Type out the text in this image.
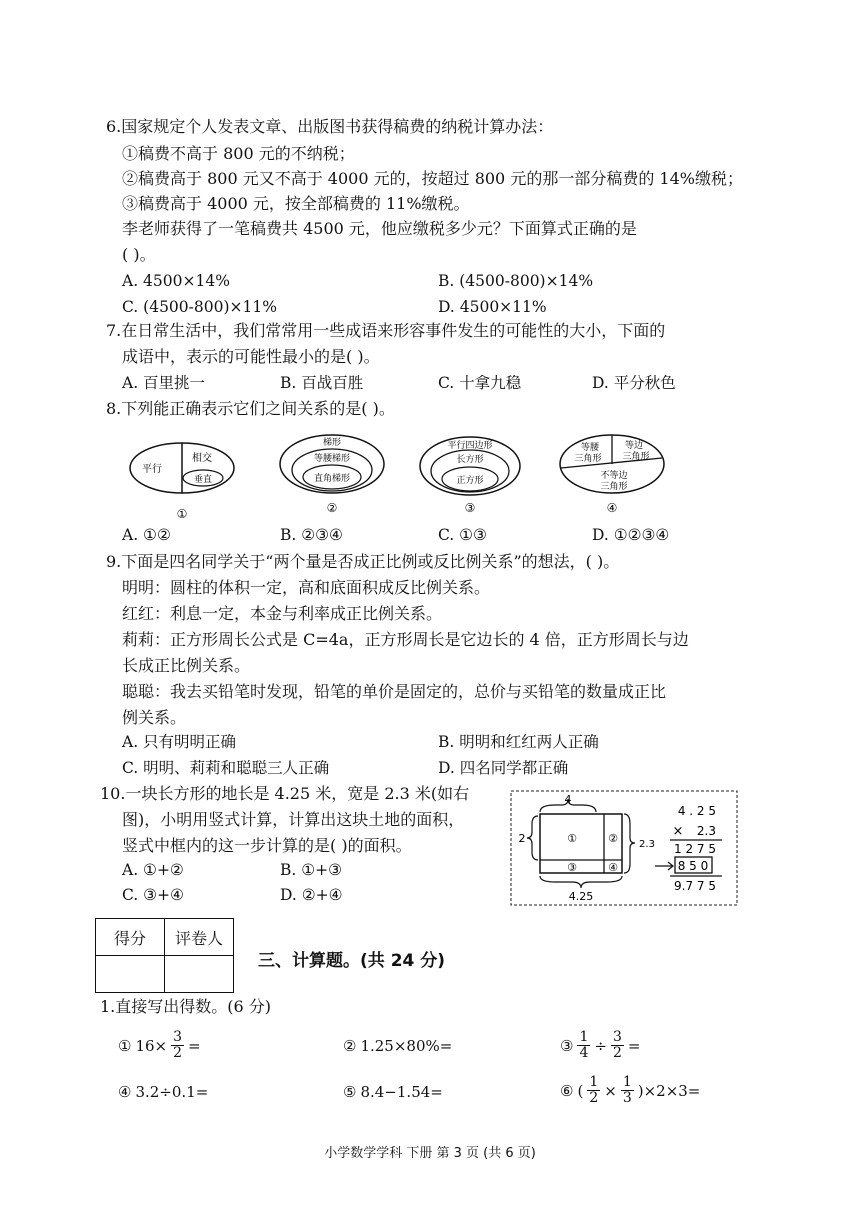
6.国家规定个人发表文章、出版图书获得稿费的纳税计算办法：
①稿费不高于 800 元的不纳税；
②稿费高于 800 元又不高于 4000 元的，按超过 800 元的那一部分稿费的 14%缴税；
③稿费高于 4000 元，按全部稿费的 11%缴税。
李老师获得了一笔稿费共 4500 元，他应缴税多少元？下面算式正确的是
( )。
A. 4500×14%	B. (4500-800)×14%
C. (4500-800)×11%	D. 4500×11%
7.在日常生活中，我们常常用一些成语来形容事件发生的可能性的大小，下面的
成语中，表示的可能性最小的是( )。
A. 百里挑一	B. 百战百胜	C. 十拿九稳	D. 平分秋色
8.下列能正确表示它们之间关系的是( )。
平行
相交
垂直
①
梯形
等腰梯形
直角梯形
②
平行四边形
长方形
正方形
③
等腰
三角形
等边
三角形
不等边
三角形
④
A. ①②	B. ②③④	C. ①③	D. ①②③④
9.下面是四名同学关于“两个量是否成正比例或反比例关系”的想法，( )。
明明：圆柱的体积一定，高和底面积成反比例关系。
红红：利息一定，本金与利率成正比例关系。
莉莉：正方形周长公式是 C=4a，正方形周长是它边长的 4 倍，正方形周长与边
长成正比例关系。
聪聪：我去买铅笔时发现，铅笔的单价是固定的，总价与买铅笔的数量成正比
例关系。
A. 只有明明正确	B. 明明和红红两人正确
C. 明明、莉莉和聪聪三人正确	D. 四名同学都正确
10.一块长方形的地长是 4.25 米，宽是 2.3 米(如右
图)，小明用竖式计算，计算出这块土地的面积，
竖式中框内的这一步计算的是( )的面积。
A. ①+②	B. ①+③
C. ③+④	D. ②+④
4
2	①	②
③	④
2.3
4.25
4 . 2 5
× 2.3
1 2 7 5
8 5 0
9.7 7 5
得分	评卷人

三、计算题。(共 24 分)
1.直接写出得数。(6 分)
① $16\times \frac{3}{2}$ =	② 1.25×80%=	③ $\frac{1}{4} \div \frac{3}{2}$ =
④ 3.2÷0.1=	⑤ 8.4−1.54=	⑥ ( $\frac{1}{2} \times \frac{1}{3} )\times 2\times 3=$
小学数学学科 下册 第 3 页 (共 6 页)
